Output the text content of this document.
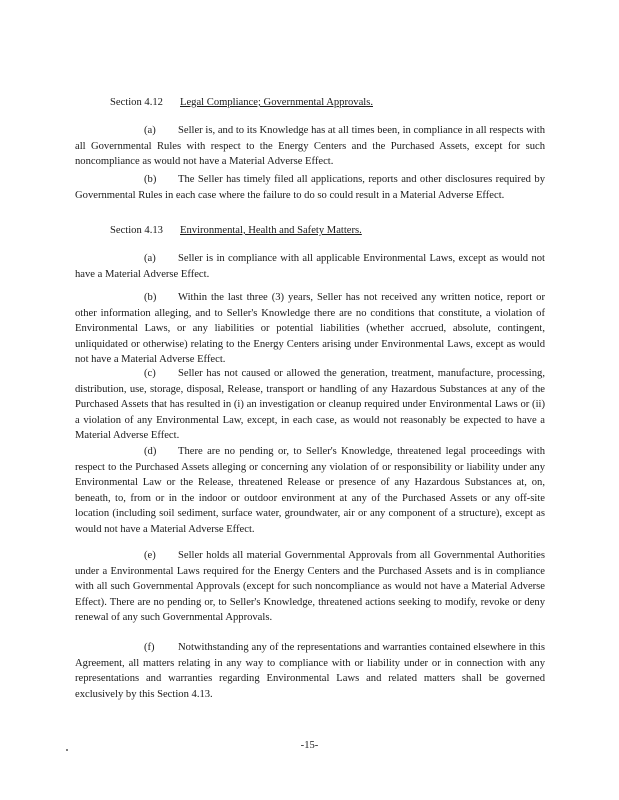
Section 4.12 Legal Compliance; Governmental Approvals.
(a) Seller is, and to its Knowledge has at all times been, in compliance in all respects with all Governmental Rules with respect to the Energy Centers and the Purchased Assets, except for such noncompliance as would not have a Material Adverse Effect.
(b) The Seller has timely filed all applications, reports and other disclosures required by Governmental Rules in each case where the failure to do so could result in a Material Adverse Effect.
Section 4.13 Environmental, Health and Safety Matters.
(a) Seller is in compliance with all applicable Environmental Laws, except as would not have a Material Adverse Effect.
(b) Within the last three (3) years, Seller has not received any written notice, report or other information alleging, and to Seller's Knowledge there are no conditions that constitute, a violation of Environmental Laws, or any liabilities or potential liabilities (whether accrued, absolute, contingent, unliquidated or otherwise) relating to the Energy Centers arising under Environmental Laws, except as would not have a Material Adverse Effect.
(c) Seller has not caused or allowed the generation, treatment, manufacture, processing, distribution, use, storage, disposal, Release, transport or handling of any Hazardous Substances at any of the Purchased Assets that has resulted in (i) an investigation or cleanup required under Environmental Laws or (ii) a violation of any Environmental Law, except, in each case, as would not reasonably be expected to have a Material Adverse Effect.
(d) There are no pending or, to Seller's Knowledge, threatened legal proceedings with respect to the Purchased Assets alleging or concerning any violation of or responsibility or liability under any Environmental Law or the Release, threatened Release or presence of any Hazardous Substances at, on, beneath, to, from or in the indoor or outdoor environment at any of the Purchased Assets or any off-site location (including soil sediment, surface water, groundwater, air or any component of a structure), except as would not have a Material Adverse Effect.
(e) Seller holds all material Governmental Approvals from all Governmental Authorities under a Environmental Laws required for the Energy Centers and the Purchased Assets and is in compliance with all such Governmental Approvals (except for such noncompliance as would not have a Material Adverse Effect). There are no pending or, to Seller's Knowledge, threatened actions seeking to modify, revoke or deny renewal of any such Governmental Approvals.
(f) Notwithstanding any of the representations and warranties contained elsewhere in this Agreement, all matters relating in any way to compliance with or liability under or in connection with any representations and warranties regarding Environmental Laws and related matters shall be governed exclusively by this Section 4.13.
-15-
